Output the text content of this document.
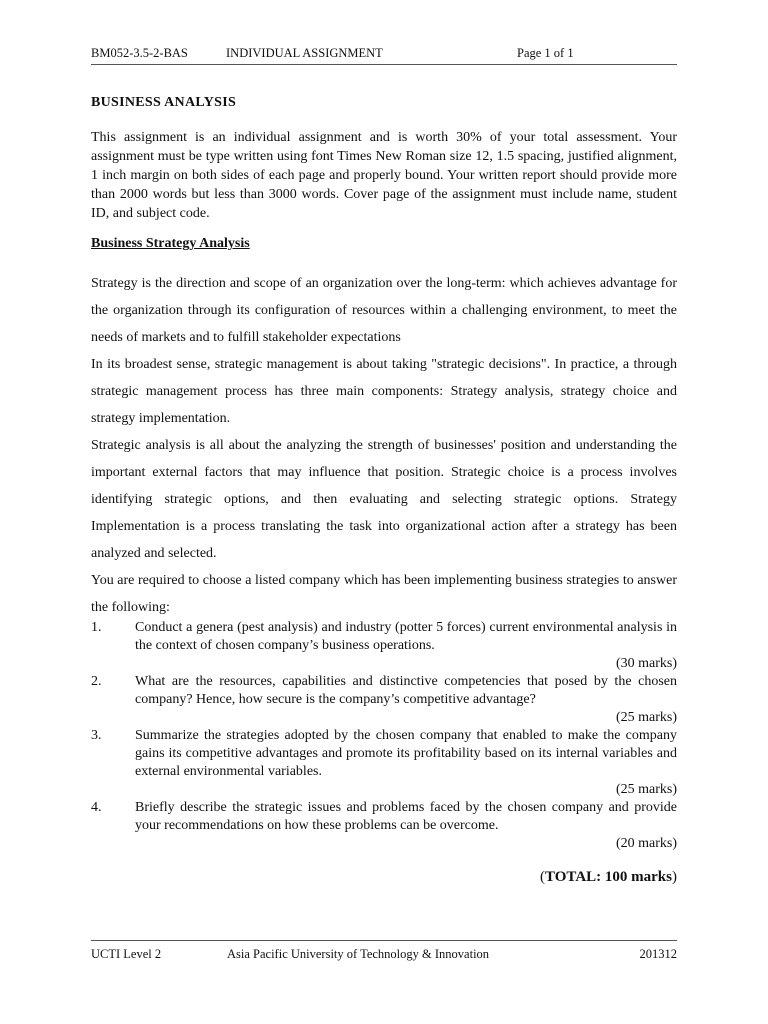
BM052-3.5-2-BAS	INDIVIDUAL ASSIGNMENT	Page 1 of 1
BUSINESS ANALYSIS
This assignment is an individual assignment and is worth 30% of your total assessment. Your assignment must be type written using font Times New Roman size 12, 1.5 spacing, justified alignment, 1 inch margin on both sides of each page and properly bound. Your written report should provide more than 2000 words but less than 3000 words. Cover page of the assignment must include name, student ID, and subject code.
Business Strategy Analysis

Strategy is the direction and scope of an organization over the long-term: which achieves advantage for the organization through its configuration of resources within a challenging environment, to meet the needs of markets and to fulfill stakeholder expectations

In its broadest sense, strategic management is about taking "strategic decisions". In practice, a through strategic management process has three main components: Strategy analysis, strategy choice and strategy implementation.

Strategic analysis is all about the analyzing the strength of businesses' position and understanding the important external factors that may influence that position. Strategic choice is a process involves identifying strategic options, and then evaluating and selecting strategic options. Strategy Implementation is a process translating the task into organizational action after a strategy has been analyzed and selected.

You are required to choose a listed company which has been implementing business strategies to answer the following:

1. Conduct a genera (pest analysis) and industry (potter 5 forces) current environmental analysis in the context of chosen company’s business operations.
(30 marks)
2. What are the resources, capabilities and distinctive competencies that posed by the chosen company? Hence, how secure is the company’s competitive advantage?
(25 marks)
3. Summarize the strategies adopted by the chosen company that enabled to make the company gains its competitive advantages and promote its profitability based on its internal variables and external environmental variables.
(25 marks)
4. Briefly describe the strategic issues and problems faced by the chosen company and provide your recommendations on how these problems can be overcome.
(20 marks)
(TOTAL: 100 marks)
UCTI Level 2	Asia Pacific University of Technology & Innovation	201312
